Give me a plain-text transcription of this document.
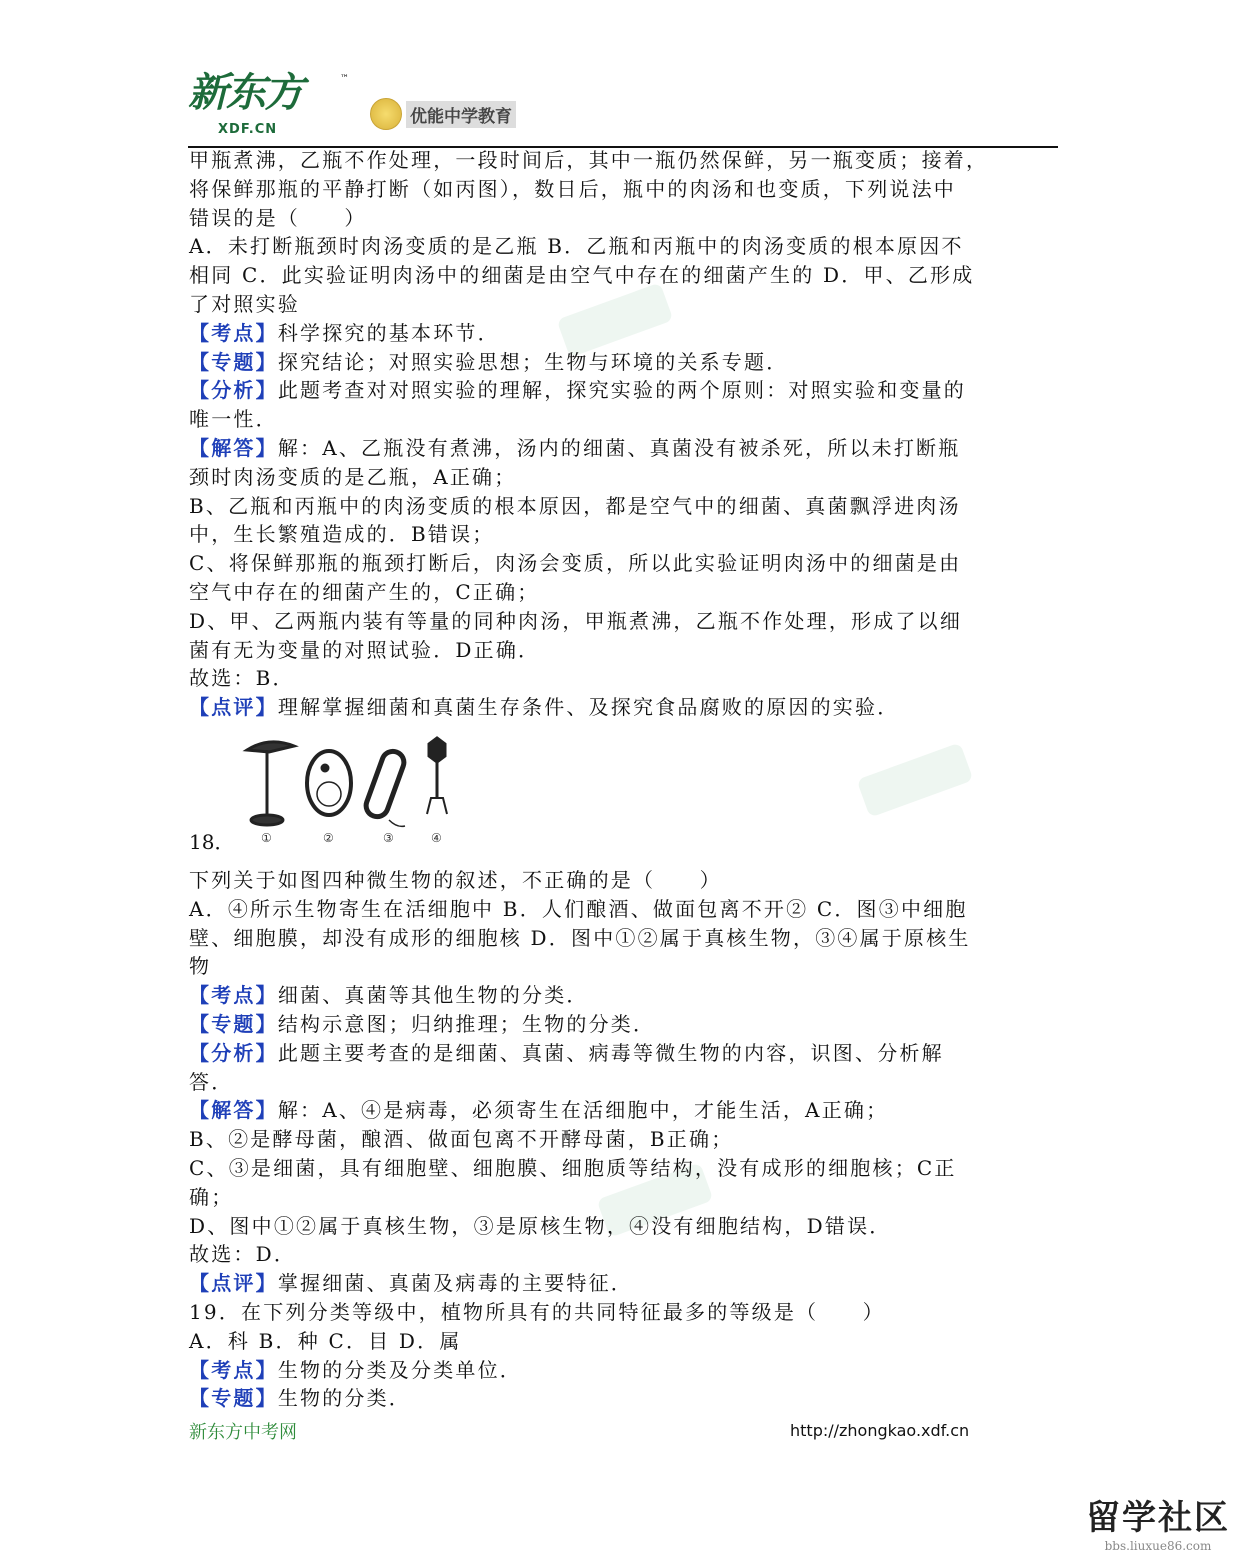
新东方
XDF.CN
™
优能中学教育
甲瓶煮沸，乙瓶不作处理，一段时间后，其中一瓶仍然保鲜，另一瓶变质；接着，
将保鲜那瓶的平静打断（如丙图），数日后，瓶中的肉汤和也变质，下列说法中
错误的是（　　）
A．未打断瓶颈时肉汤变质的是乙瓶 B．乙瓶和丙瓶中的肉汤变质的根本原因不
相同 C．此实验证明肉汤中的细菌是由空气中存在的细菌产生的 D．甲、乙形成
了对照实验
【考点】科学探究的基本环节．
【专题】探究结论；对照实验思想；生物与环境的关系专题．
【分析】此题考查对对照实验的理解，探究实验的两个原则：对照实验和变量的
唯一性．
【解答】解：A、乙瓶没有煮沸，汤内的细菌、真菌没有被杀死，所以未打断瓶
颈时肉汤变质的是乙瓶，A正确；
B、乙瓶和丙瓶中的肉汤变质的根本原因，都是空气中的细菌、真菌飘浮进肉汤
中，生长繁殖造成的．B错误；
C、将保鲜那瓶的瓶颈打断后，肉汤会变质，所以此实验证明肉汤中的细菌是由
空气中存在的细菌产生的，C正确；
D、甲、乙两瓶内装有等量的同种肉汤，甲瓶煮沸，乙瓶不作处理，形成了以细
菌有无为变量的对照试验．D正确．
故选：B．
【点评】理解掌握细菌和真菌生存条件、及探究食品腐败的原因的实验．
①	②	③	④
18．
下列关于如图四种微生物的叙述，不正确的是（　　）
A．④所示生物寄生在活细胞中 B．人们酿酒、做面包离不开② C．图③中细胞
壁、细胞膜，却没有成形的细胞核 D．图中①②属于真核生物，③④属于原核生
物
【考点】细菌、真菌等其他生物的分类．
【专题】结构示意图；归纳推理；生物的分类．
【分析】此题主要考查的是细菌、真菌、病毒等微生物的内容，识图、分析解
答．
【解答】解：A、④是病毒，必须寄生在活细胞中，才能生活，A正确；
B、②是酵母菌，酿酒、做面包离不开酵母菌，B正确；
C、③是细菌，具有细胞壁、细胞膜、细胞质等结构，没有成形的细胞核；C正
确；
D、图中①②属于真核生物，③是原核生物，④没有细胞结构，D错误．
故选：D．
【点评】掌握细菌、真菌及病毒的主要特征．
19．在下列分类等级中，植物所具有的共同特征最多的等级是（　　）
A．科 B．种 C．目 D．属
【考点】生物的分类及分类单位．
【专题】生物的分类．
新东方中考网	http://zhongkao.xdf.cn
留学社区
bbs.liuxue86.com
